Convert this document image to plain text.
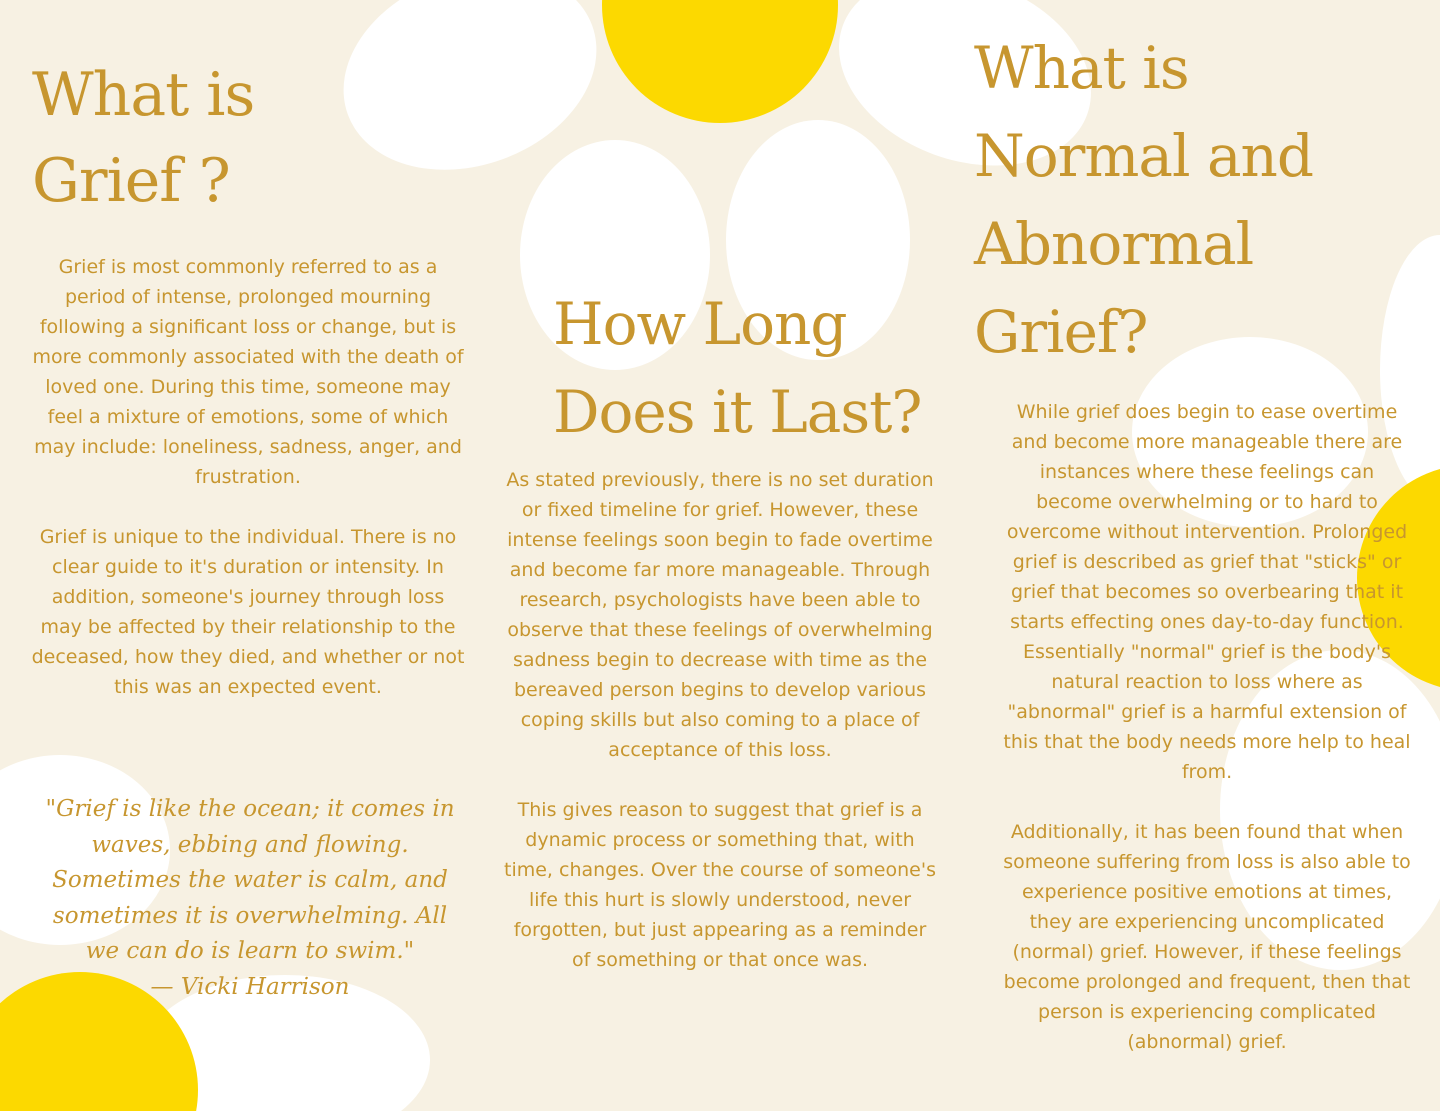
What is
Grief ?

Grief is most commonly referred to as a period of intense, prolonged mourning following a significant loss or change, but is more commonly associated with the death of loved one. During this time, someone may feel a mixture of emotions, some of which may include: loneliness, sadness, anger, and frustration.

Grief is unique to the individual. There is no clear guide to it's duration or intensity. In addition, someone's journey through loss may be affected by their relationship to the deceased, how they died, and whether or not this was an expected event.

"Grief is like the ocean; it comes in waves, ebbing and flowing. Sometimes the water is calm, and sometimes it is overwhelming. All we can do is learn to swim."
— Vicki Harrison
How Long
Does it Last?

As stated previously, there is no set duration or fixed timeline for grief. However, these intense feelings soon begin to fade overtime and become far more manageable. Through research, psychologists have been able to observe that these feelings of overwhelming sadness begin to decrease with time as the bereaved person begins to develop various coping skills but also coming to a place of acceptance of this loss.

This gives reason to suggest that grief is a dynamic process or something that, with time, changes. Over the course of someone's life this hurt is slowly understood, never forgotten, but just appearing as a reminder of something or that once was.

What is
Normal and
Abnormal
Grief?

While grief does begin to ease overtime and become more manageable there are instances where these feelings can become overwhelming or to hard to overcome without intervention. Prolonged grief is described as grief that "sticks" or grief that becomes so overbearing that it starts effecting ones day-to-day function. Essentially "normal" grief is the body's natural reaction to loss where as "abnormal" grief is a harmful extension of this that the body needs more help to heal from.

Additionally, it has been found that when someone suffering from loss is also able to experience positive emotions at times, they are experiencing uncomplicated (normal) grief. However, if these feelings become prolonged and frequent, then that person is experiencing complicated (abnormal) grief.
